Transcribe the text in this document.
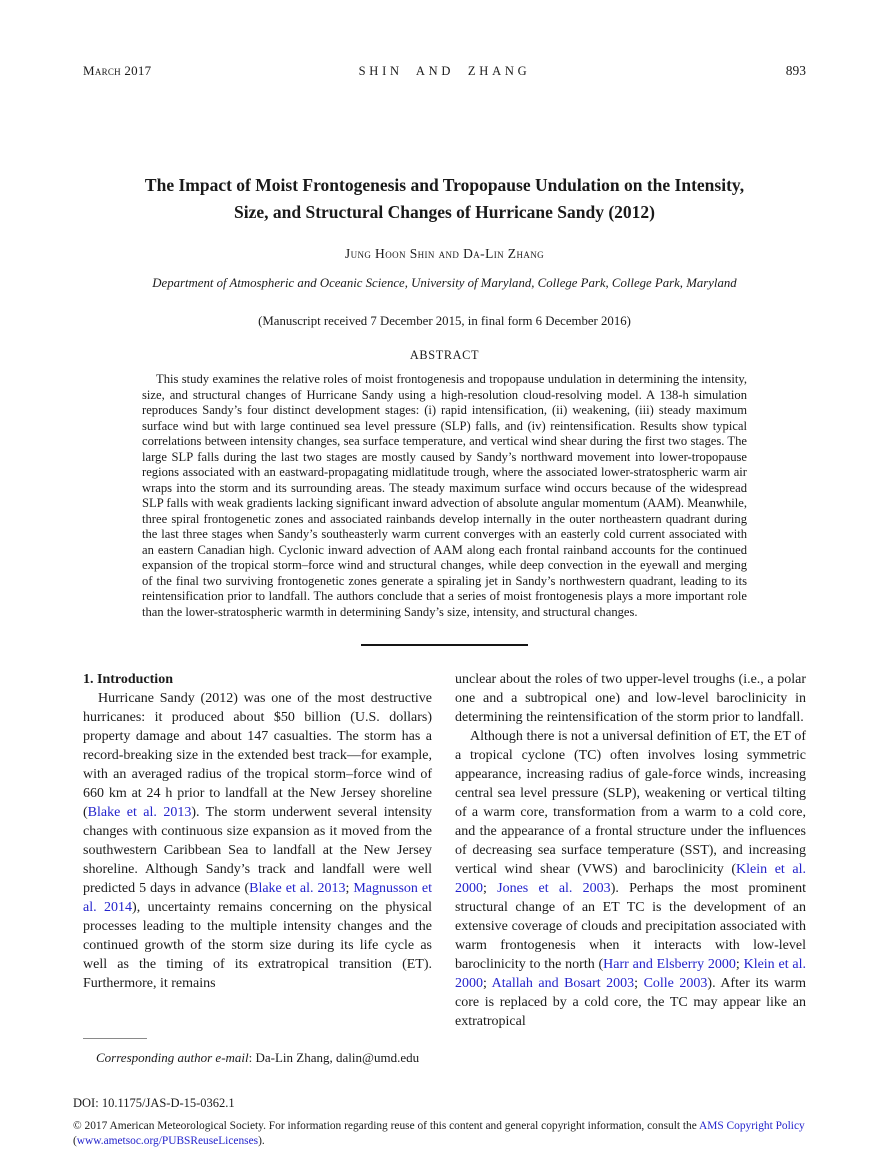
March 2017	SHIN AND ZHANG	893
The Impact of Moist Frontogenesis and Tropopause Undulation on the Intensity,
Size, and Structural Changes of Hurricane Sandy (2012)
Jung Hoon Shin and Da-Lin Zhang
Department of Atmospheric and Oceanic Science, University of Maryland, College Park, College Park, Maryland
(Manuscript received 7 December 2015, in final form 6 December 2016)
ABSTRACT
This study examines the relative roles of moist frontogenesis and tropopause undulation in determining the intensity, size, and structural changes of Hurricane Sandy using a high-resolution cloud-resolving model. A 138-h simulation reproduces Sandy’s four distinct development stages: (i) rapid intensification, (ii) weakening, (iii) steady maximum surface wind but with large continued sea level pressure (SLP) falls, and (iv) reintensification. Results show typical correlations between intensity changes, sea surface temperature, and vertical wind shear during the first two stages. The large SLP falls during the last two stages are mostly caused by Sandy’s northward movement into lower-tropopause regions associated with an eastward-propagating midlatitude trough, where the associated lower-stratospheric warm air wraps into the storm and its surrounding areas. The steady maximum surface wind occurs because of the widespread SLP falls with weak gradients lacking significant inward advection of absolute angular momentum (AAM). Meanwhile, three spiral frontogenetic zones and associated rainbands develop internally in the outer northeastern quadrant during the last three stages when Sandy’s southeasterly warm current converges with an easterly cold current associated with an eastern Canadian high. Cyclonic inward advection of AAM along each frontal rainband accounts for the continued expansion of the tropical storm–force wind and structural changes, while deep convection in the eyewall and merging of the final two surviving frontogenetic zones generate a spiraling jet in Sandy’s northwestern quadrant, leading to its reintensification prior to landfall. The authors conclude that a series of moist frontogenesis plays a more important role than the lower-stratospheric warmth in determining Sandy’s size, intensity, and structural changes.

1. Introduction

Hurricane Sandy (2012) was one of the most destructive hurricanes: it produced about $50 billion (U.S. dollars) property damage and about 147 casualties. The storm has a record-breaking size in the extended best track—for example, with an averaged radius of the tropical storm–force wind of 660 km at 24 h prior to landfall at the New Jersey shoreline (Blake et al. 2013). The storm underwent several intensity changes with continuous size expansion as it moved from the southwestern Caribbean Sea to landfall at the New Jersey shoreline. Although Sandy’s track and landfall were well predicted 5 days in advance (Blake et al. 2013; Magnusson et al. 2014), uncertainty remains concerning on the physical processes leading to the multiple intensity changes and the continued growth of the storm size during its life cycle as well as the timing of its extratropical transition (ET). Furthermore, it remains

Corresponding author e-mail: Da-Lin Zhang, dalin@umd.edu

unclear about the roles of two upper-level troughs (i.e., a polar one and a subtropical one) and low-level baroclinicity in determining the reintensification of the storm prior to landfall.

Although there is not a universal definition of ET, the ET of a tropical cyclone (TC) often involves losing symmetric appearance, increasing radius of gale-force winds, increasing central sea level pressure (SLP), weakening or vertical tilting of a warm core, transformation from a warm to a cold core, and the appearance of a frontal structure under the influences of decreasing sea surface temperature (SST), and increasing vertical wind shear (VWS) and baroclinicity (Klein et al. 2000; Jones et al. 2003). Perhaps the most prominent structural change of an ET TC is the development of an extensive coverage of clouds and precipitation associated with warm frontogenesis when it interacts with low-level baroclinicity to the north (Harr and Elsberry 2000; Klein et al. 2000; Atallah and Bosart 2003; Colle 2003). After its warm core is replaced by a cold core, the TC may appear like an extratropical

DOI: 10.1175/JAS-D-15-0362.1
© 2017 American Meteorological Society. For information regarding reuse of this content and general copyright information, consult the AMS Copyright Policy (www.ametsoc.org/PUBSReuseLicenses).
